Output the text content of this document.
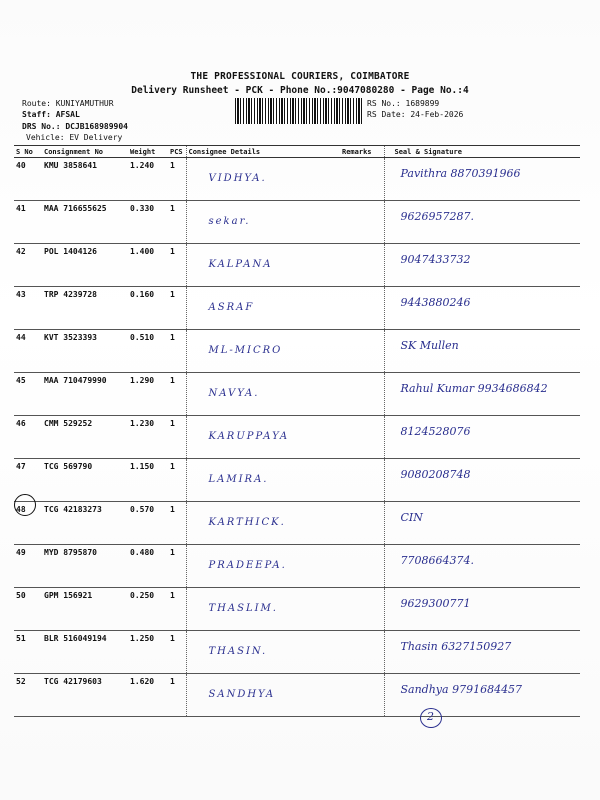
THE PROFESSIONAL COURIERS, COIMBATORE
Delivery Runsheet - PCK - Phone No.:9047080280 - Page No.:4
Route: KUNIYAMUTHUR
Staff: AFSAL
DRS No.: DCJB168989904
Vehicle: EV Delivery
RS No.: 1689899
RS Date: 24-Feb-2026
S No	Consignment No	Weight	PCS	Consignee Details	Remarks	Seal & Signature
40	KMU 3858641	1.240	1	VIDHYA.		Pavithra 8870391966
41	MAA 716655625	0.330	1	sekar.		9626957287.
42	POL 1404126	1.400	1	KALPANA		9047433732
43	TRP 4239728	0.160	1	ASRAF		9443880246
44	KVT 3523393	0.510	1	ML-MICRO		SK Mullen
45	MAA 710479990	1.290	1	NAVYA.		Rahul Kumar 9934686842
46	CMM 529252	1.230	1	KARUPPAYA		8124528076
47	TCG 569790	1.150	1	LAMIRA.		9080208748
48	TCG 42183273	0.570	1	KARTHICK.		CIN
49	MYD 8795870	0.480	1	PRADEEPA.		7708664374.
50	GPM 156921	0.250	1	THASLIM.		9629300771
51	BLR 516049194	1.250	1	THASIN.		Thasin 6327150927
52	TCG 42179603	1.620	1	SANDHYA		Sandhya 9791684457
2
